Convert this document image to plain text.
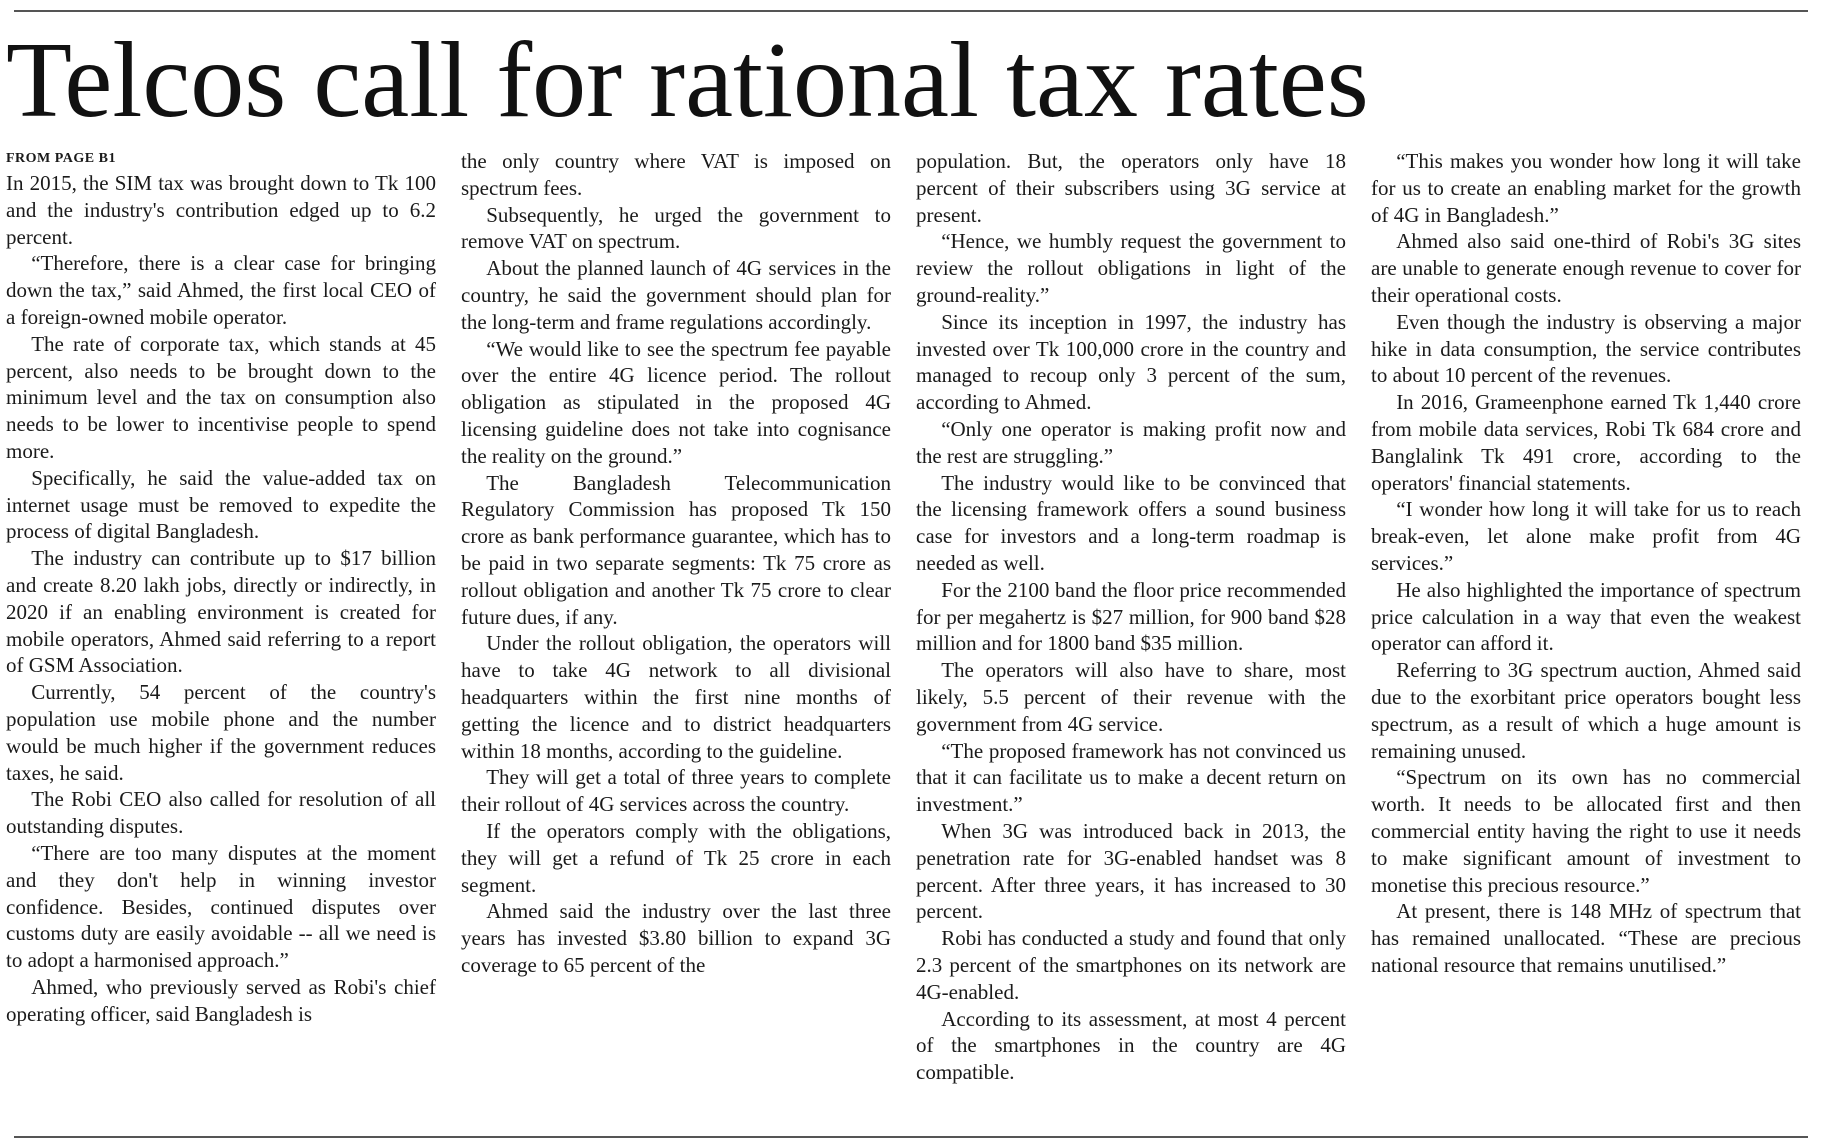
Telcos call for rational tax rates
FROM PAGE B1

In 2015, the SIM tax was brought down to Tk 100 and the industry's contribution edged up to 6.2 percent.

“Therefore, there is a clear case for bringing down the tax,” said Ahmed, the first local CEO of a foreign-owned mobile operator.

The rate of corporate tax, which stands at 45 percent, also needs to be brought down to the minimum level and the tax on consumption also needs to be lower to incentivise people to spend more.

Specifically, he said the value-added tax on internet usage must be removed to expedite the process of digital Bangladesh.

The industry can contribute up to $17 billion and create 8.20 lakh jobs, directly or indirectly, in 2020 if an enabling environment is created for mobile operators, Ahmed said referring to a report of GSM Association.

Currently, 54 percent of the country's population use mobile phone and the number would be much higher if the government reduces taxes, he said.

The Robi CEO also called for resolution of all outstanding disputes.

“There are too many disputes at the moment and they don't help in winning investor confidence. Besides, continued disputes over customs duty are easily avoidable -- all we need is to adopt a harmonised approach.”

Ahmed, who previously served as Robi's chief operating officer, said Bangladesh is

the only country where VAT is imposed on spectrum fees.

Subsequently, he urged the government to remove VAT on spectrum.

About the planned launch of 4G services in the country, he said the government should plan for the long-term and frame regulations accordingly.

“We would like to see the spectrum fee payable over the entire 4G licence period. The rollout obligation as stipulated in the proposed 4G licensing guideline does not take into cognisance the reality on the ground.”

The Bangladesh Telecommunication Regulatory Commission has proposed Tk 150 crore as bank performance guarantee, which has to be paid in two separate segments: Tk 75 crore as rollout obligation and another Tk 75 crore to clear future dues, if any.

Under the rollout obligation, the operators will have to take 4G network to all divisional headquarters within the first nine months of getting the licence and to district headquarters within 18 months, according to the guideline.

They will get a total of three years to complete their rollout of 4G services across the country.

If the operators comply with the obligations, they will get a refund of Tk 25 crore in each segment.

Ahmed said the industry over the last three years has invested $3.80 billion to expand 3G coverage to 65 percent of the

population. But, the operators only have 18 percent of their subscribers using 3G service at present.

“Hence, we humbly request the government to review the rollout obligations in light of the ground-reality.”

Since its inception in 1997, the industry has invested over Tk 100,000 crore in the country and managed to recoup only 3 percent of the sum, according to Ahmed.

“Only one operator is making profit now and the rest are struggling.”

The industry would like to be convinced that the licensing framework offers a sound business case for investors and a long-term roadmap is needed as well.

For the 2100 band the floor price recommended for per megahertz is $27 million, for 900 band $28 million and for 1800 band $35 million.

The operators will also have to share, most likely, 5.5 percent of their revenue with the government from 4G service.

“The proposed framework has not convinced us that it can facilitate us to make a decent return on investment.”

When 3G was introduced back in 2013, the penetration rate for 3G-enabled handset was 8 percent. After three years, it has increased to 30 percent.

Robi has conducted a study and found that only 2.3 percent of the smartphones on its network are 4G-enabled.

According to its assessment, at most 4 percent of the smartphones in the country are 4G compatible.

“This makes you wonder how long it will take for us to create an enabling market for the growth of 4G in Bangladesh.”

Ahmed also said one-third of Robi's 3G sites are unable to generate enough revenue to cover for their operational costs.

Even though the industry is observing a major hike in data consumption, the service contributes to about 10 percent of the revenues.

In 2016, Grameenphone earned Tk 1,440 crore from mobile data services, Robi Tk 684 crore and Banglalink Tk 491 crore, according to the operators' financial statements.

“I wonder how long it will take for us to reach break-even, let alone make profit from 4G services.”

He also highlighted the importance of spectrum price calculation in a way that even the weakest operator can afford it.

Referring to 3G spectrum auction, Ahmed said due to the exorbitant price operators bought less spectrum, as a result of which a huge amount is remaining unused.

“Spectrum on its own has no commercial worth. It needs to be allocated first and then commercial entity having the right to use it needs to make significant amount of investment to monetise this precious resource.”

At present, there is 148 MHz of spectrum that has remained unallocated. “These are precious national resource that remains unutilised.”
